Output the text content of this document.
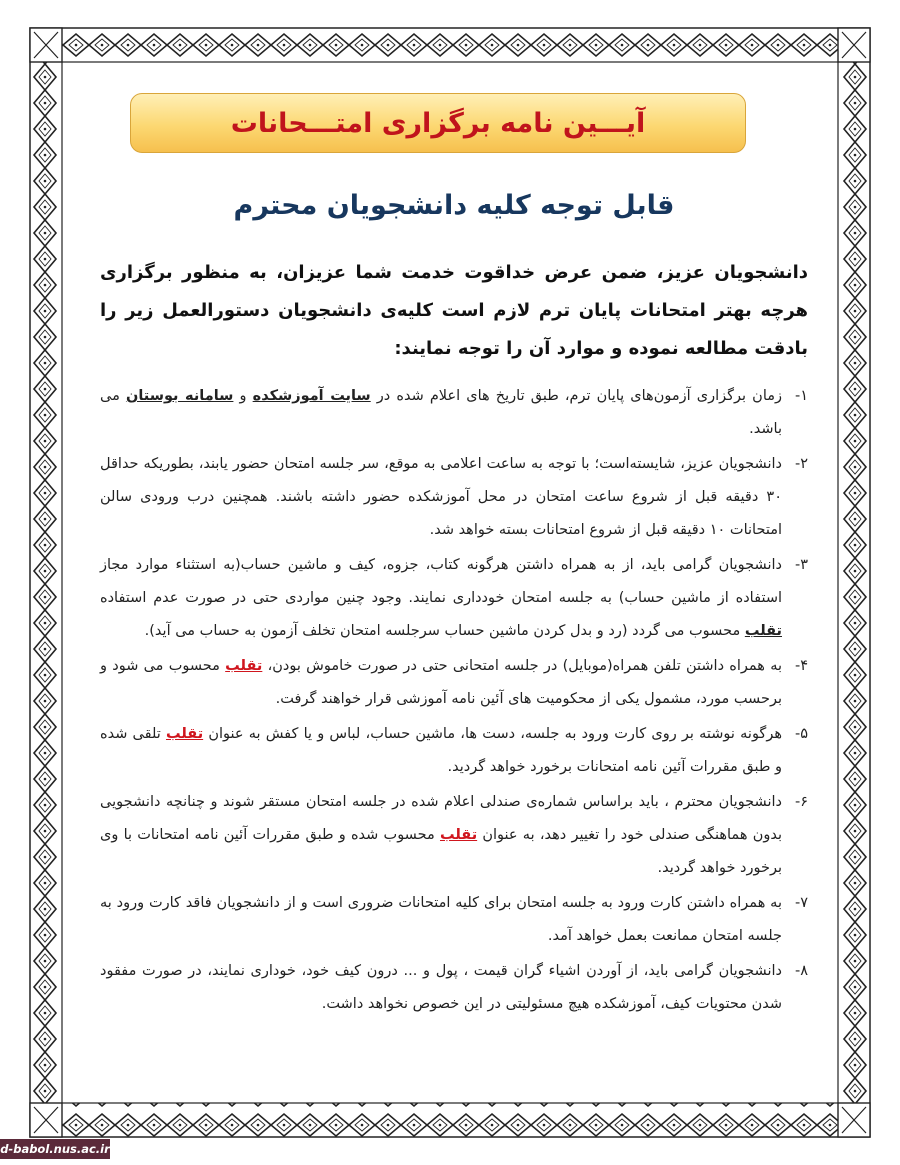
آیـــین نامه برگزاری امتـــحانات
قابل توجه کلیه دانشجویان محترم
دانشجویان عزیز، ضمن عرض خداقوت خدمت شما عزیزان، به منظور برگزاری هرچه بهتر امتحانات پایان ترم لازم است کلیه‌ی دانشجویان دستورالعمل زیر را بادقت مطالعه نموده و موارد آن را توجه نمایند:
۱-
زمان برگزاری آزمون‌های پایان ترم، طبق تاریخ های اعلام شده در سایت آموزشکده و سامانه بوستان می باشد.
۲-
دانشجویان عزیز، شایسته‌است؛ با توجه به ساعت اعلامی به موقع، سر جلسه امتحان حضور یابند، بطوریکه حداقل ۳۰ دقیقه قبل از شروع ساعت امتحان در محل آموزشکده حضور داشته باشند. همچنین درب ورودی سالن امتحانات ۱۰ دقیقه قبل از شروع امتحانات بسته خواهد شد.
۳-
دانشجویان گرامی باید، از به همراه داشتن هرگونه کتاب، جزوه، کیف و ماشین حساب(به استثناء موارد مجاز استفاده از ماشین حساب) به جلسه امتحان خودداری نمایند. وجود چنین مواردی حتی در صورت عدم استفاده تقلب محسوب می گردد (رد و بدل کردن ماشین حساب سرجلسه امتحان تخلف آزمون به حساب می آید).
۴-
به همراه داشتن تلفن همراه(موبایل) در جلسه امتحانی حتی در صورت خاموش بودن، تقلب محسوب می شود و برحسب مورد، مشمول یکی از محکومیت های آئین نامه آموزشی قرار خواهند گرفت.
۵-
هرگونه نوشته بر روی کارت ورود به جلسه، دست ها، ماشین حساب، لباس و یا کفش به عنوان تقلب تلقی شده و طبق مقررات آئین نامه امتحانات برخورد خواهد گردید.
۶-
دانشجویان محترم ، باید براساس شماره‌ی صندلی اعلام شده در جلسه امتحان مستقر شوند و چنانچه دانشجویی بدون هماهنگی صندلی خود را تغییر دهد، به عنوان تقلب محسوب شده و طبق مقررات آئین نامه امتحانات با وی برخورد خواهد گردید.
۷-
به همراه داشتن کارت ورود به جلسه امتحان برای کلیه امتحانات ضروری است و از دانشجویان فاقد کارت ورود به جلسه امتحان ممانعت بعمل خواهد آمد.
۸-
دانشجویان گرامی باید، از آوردن اشیاء گران قیمت ، پول و ... درون کیف خود، خوداری نمایند، در صورت مفقود شدن محتویات کیف، آموزشکده هیچ مسئولیتی در این خصوص نخواهد داشت.
d-babol.nus.ac.ir
